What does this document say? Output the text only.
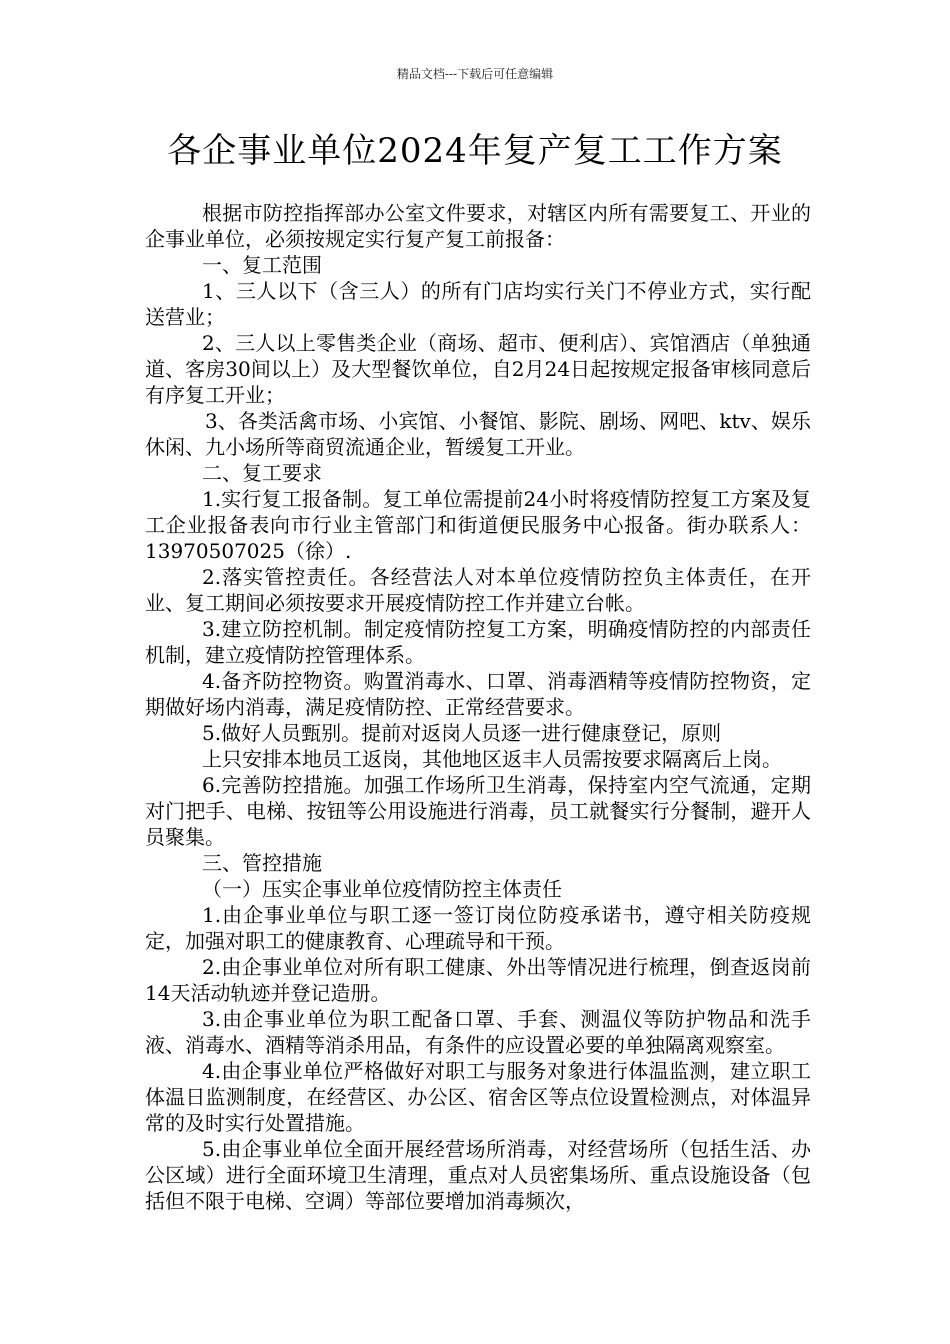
精品文档---下载后可任意编辑
各企事业单位2024年复产复工工作方案

根据市防控指挥部办公室文件要求，对辖区内所有需要复工、开业的企事业单位，必须按规定实行复产复工前报备：

一、复工范围

1、三人以下（含三人）的所有门店均实行关门不停业方式，实行配送营业；

2、三人以上零售类企业（商场、超市、便利店）、宾馆酒店（单独通道、客房30间以上）及大型餐饮单位，自2月24日起按规定报备审核同意后有序复工开业；

3、各类活禽市场、小宾馆、小餐馆、影院、剧场、网吧、ktv、娱乐休闲、九小场所等商贸流通企业，暂缓复工开业。

二、复工要求

1.实行复工报备制。复工单位需提前24小时将疫情防控复工方案及复工企业报备表向市行业主管部门和街道便民服务中心报备。街办联系人：13970507025（徐）.

2.落实管控责任。各经营法人对本单位疫情防控负主体责任，在开业、复工期间必须按要求开展疫情防控工作并建立台帐。

3.建立防控机制。制定疫情防控复工方案，明确疫情防控的内部责任机制，建立疫情防控管理体系。

4.备齐防控物资。购置消毒水、口罩、消毒酒精等疫情防控物资，定期做好场内消毒，满足疫情防控、正常经营要求。

5.做好人员甄别。提前对返岗人员逐一进行健康登记，原则

上只安排本地员工返岗，其他地区返丰人员需按要求隔离后上岗。

6.完善防控措施。加强工作场所卫生消毒，保持室内空气流通，定期对门把手、电梯、按钮等公用设施进行消毒，员工就餐实行分餐制，避开人员聚集。

三、管控措施

（一）压实企事业单位疫情防控主体责任

1.由企事业单位与职工逐一签订岗位防疫承诺书，遵守相关防疫规定，加强对职工的健康教育、心理疏导和干预。

2.由企事业单位对所有职工健康、外出等情况进行梳理，倒查返岗前14天活动轨迹并登记造册。

3.由企事业单位为职工配备口罩、手套、测温仪等防护物品和洗手液、消毒水、酒精等消杀用品，有条件的应设置必要的单独隔离观察室。

4.由企事业单位严格做好对职工与服务对象进行体温监测，建立职工体温日监测制度，在经营区、办公区、宿舍区等点位设置检测点，对体温异常的及时实行处置措施。

5.由企事业单位全面开展经营场所消毒，对经营场所（包括生活、办公区域）进行全面环境卫生清理，重点对人员密集场所、重点设施设备（包括但不限于电梯、空调）等部位要增加消毒频次，
